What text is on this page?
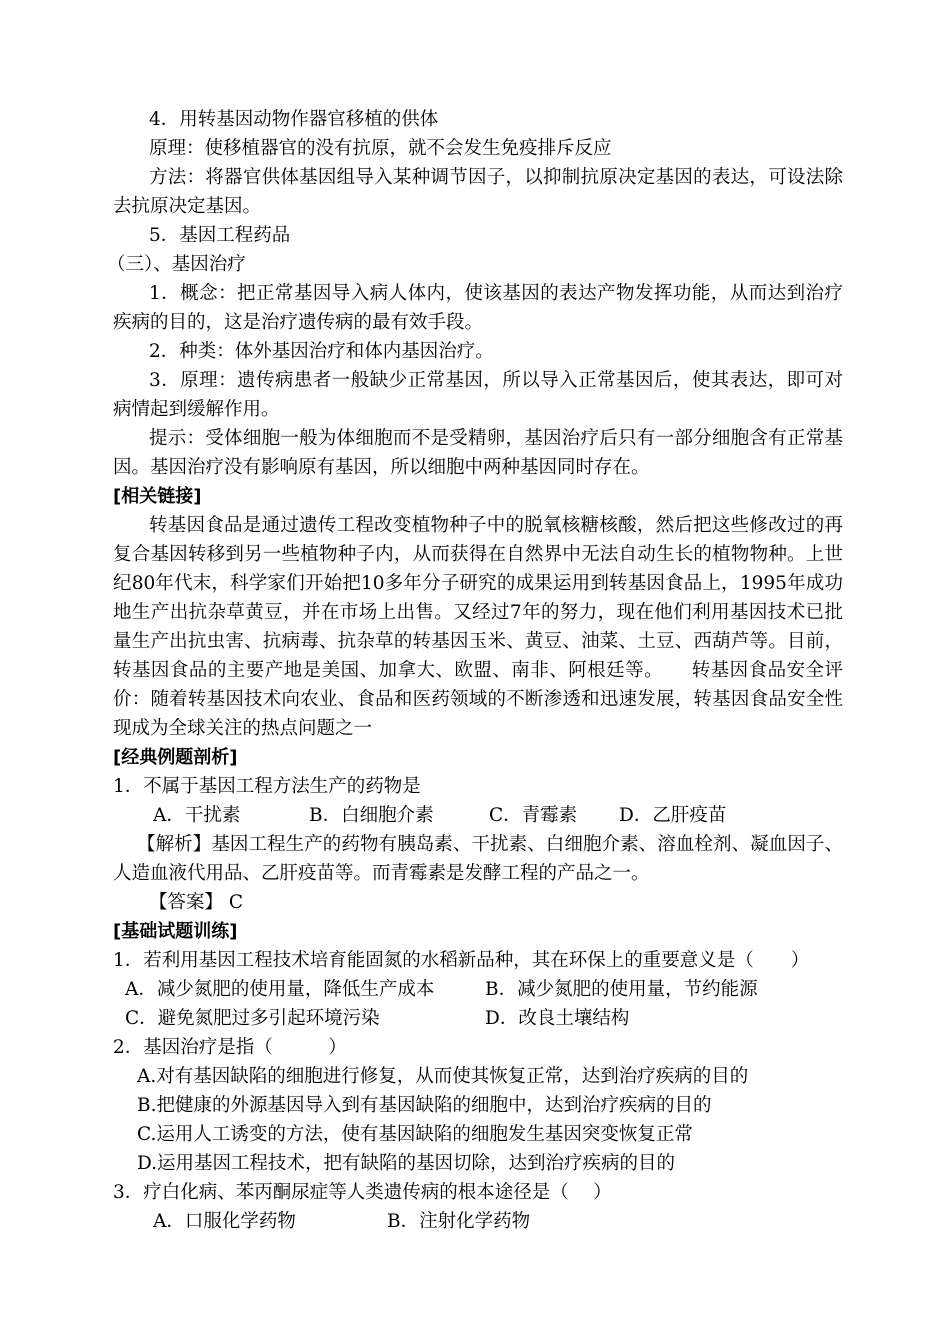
4．用转基因动物作器官移植的供体
原理：使移植器官的没有抗原，就不会发生免疫排斥反应
方法：将器官供体基因组导入某种调节因子，以抑制抗原决定基因的表达，可设法除去抗原决定基因。
5．基因工程药品
（三）、基因治疗
1．概念：把正常基因导入病人体内，使该基因的表达产物发挥功能，从而达到治疗疾病的目的，这是治疗遗传病的最有效手段。
2．种类：体外基因治疗和体内基因治疗。
3．原理：遗传病患者一般缺少正常基因，所以导入正常基因后，使其表达，即可对病情起到缓解作用。
提示：受体细胞一般为体细胞而不是受精卵，基因治疗后只有一部分细胞含有正常基因。基因治疗没有影响原有基因，所以细胞中两种基因同时存在。
[相关链接]
转基因食品是通过遗传工程改变植物种子中的脱氧核糖核酸，然后把这些修改过的再复合基因转移到另一些植物种子内，从而获得在自然界中无法自动生长的植物物种。上世纪80年代末，科学家们开始把10多年分子研究的成果运用到转基因食品上，1995年成功地生产出抗杂草黄豆，并在市场上出售。又经过7年的努力，现在他们利用基因技术已批量生产出抗虫害、抗病毒、抗杂草的转基因玉米、黄豆、油菜、土豆、西葫芦等。目前，转基因食品的主要产地是美国、加拿大、欧盟、南非、阿根廷等。　　转基因食品安全评价：随着转基因技术向农业、食品和医药领域的不断渗透和迅速发展，转基因食品安全性现成为全球关注的热点问题之一
[经典例题剖析]
1．不属于基因工程方法生产的药物是
A．干扰素	B．白细胞介素	C．青霉素 D．乙肝疫苗
【解析】基因工程生产的药物有胰岛素、干扰素、白细胞介素、溶血栓剂、凝血因子、人造血液代用品、乙肝疫苗等。而青霉素是发酵工程的产品之一。
【答案】 C
[基础试题训练]
1．若利用基因工程技术培育能固氮的水稻新品种，其在环保上的重要意义是（　　）
A．减少氮肥的使用量，降低生产成本	B．减少氮肥的使用量，节约能源
C．避免氮肥过多引起环境污染	D．改良土壤结构
2．基因治疗是指（　　　）
A.对有基因缺陷的细胞进行修复，从而使其恢复正常，达到治疗疾病的目的
B.把健康的外源基因导入到有基因缺陷的细胞中，达到治疗疾病的目的
C.运用人工诱变的方法，使有基因缺陷的细胞发生基因突变恢复正常
D.运用基因工程技术，把有缺陷的基因切除，达到治疗疾病的目的
3．疗白化病、苯丙酮尿症等人类遗传病的根本途径是（　 ）
A．口服化学药物	B．注射化学药物
